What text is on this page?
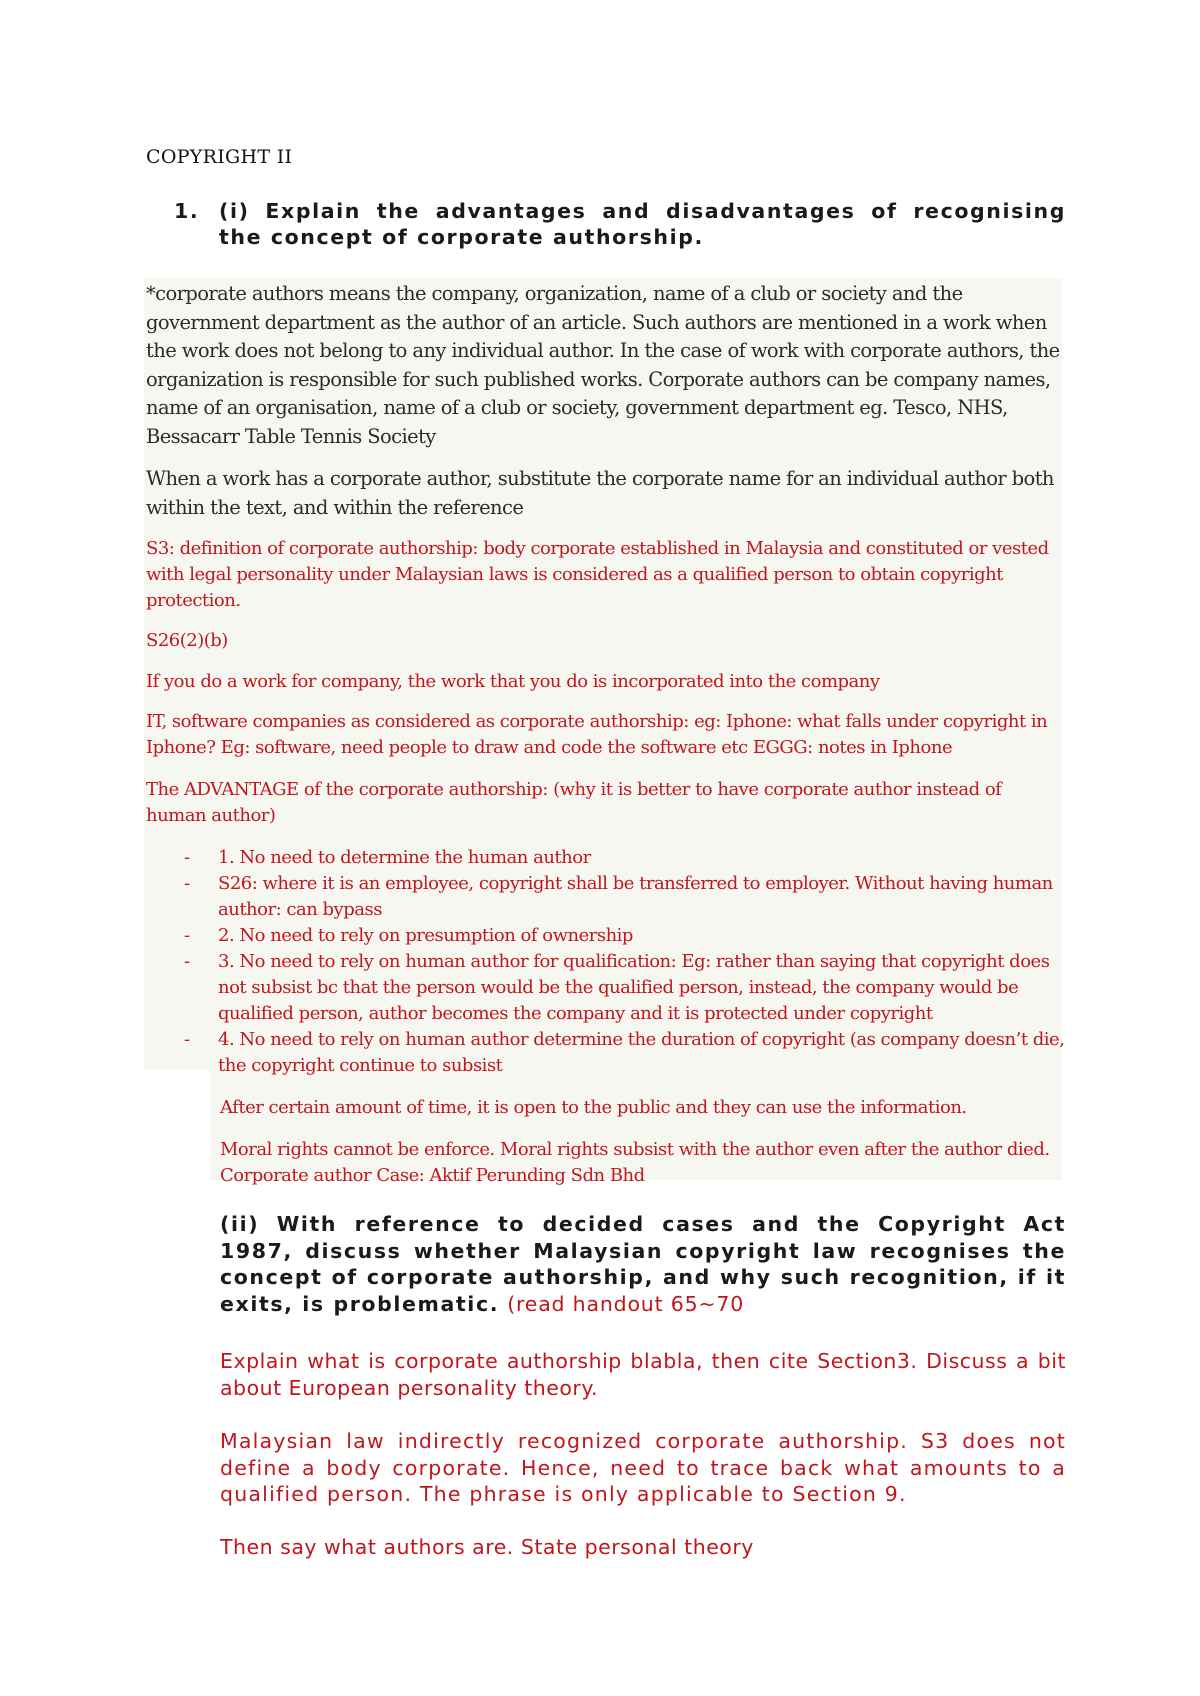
COPYRIGHT II
1. (i) Explain the advantages and disadvantages of recognising the concept of corporate authorship.
*corporate authors means the company, organization, name of a club or society and the government department as the author of an article. Such authors are mentioned in a work when the work does not belong to any individual author. In the case of work with corporate authors, the organization is responsible for such published works. Corporate authors can be company names, name of an organisation, name of a club or society, government department eg. Tesco, NHS, Bessacarr Table Tennis Society
When a work has a corporate author, substitute the corporate name for an individual author both within the text, and within the reference
S3: definition of corporate authorship: body corporate established in Malaysia and constituted or vested with legal personality under Malaysian laws is considered as a qualified person to obtain copyright protection.
S26(2)(b)
If you do a work for company, the work that you do is incorporated into the company
IT, software companies as considered as corporate authorship: eg: Iphone: what falls under copyright in Iphone? Eg: software, need people to draw and code the software etc EGGG: notes in Iphone
The ADVANTAGE of the corporate authorship: (why it is better to have corporate author instead of human author)
- 1. No need to determine the human author
- S26: where it is an employee, copyright shall be transferred to employer. Without having human author: can bypass
- 2. No need to rely on presumption of ownership
- 3. No need to rely on human author for qualification: Eg: rather than saying that copyright does not subsist bc that the person would be the qualified person, instead, the company would be qualified person, author becomes the company and it is protected under copyright
- 4. No need to rely on human author determine the duration of copyright (as company doesn’t die, the copyright continue to subsist
After certain amount of time, it is open to the public and they can use the information.
Moral rights cannot be enforce. Moral rights subsist with the author even after the author died. Corporate author Case: Aktif Perunding Sdn Bhd
(ii) With reference to decided cases and the Copyright Act 1987, discuss whether Malaysian copyright law recognises the concept of corporate authorship, and why such recognition, if it exits, is problematic. (read handout 65~70
Explain what is corporate authorship blabla, then cite Section3. Discuss a bit about European personality theory.
Malaysian law indirectly recognized corporate authorship. S3 does not define a body corporate. Hence, need to trace back what amounts to a qualified person. The phrase is only applicable to Section 9.
Then say what authors are. State personal theory
